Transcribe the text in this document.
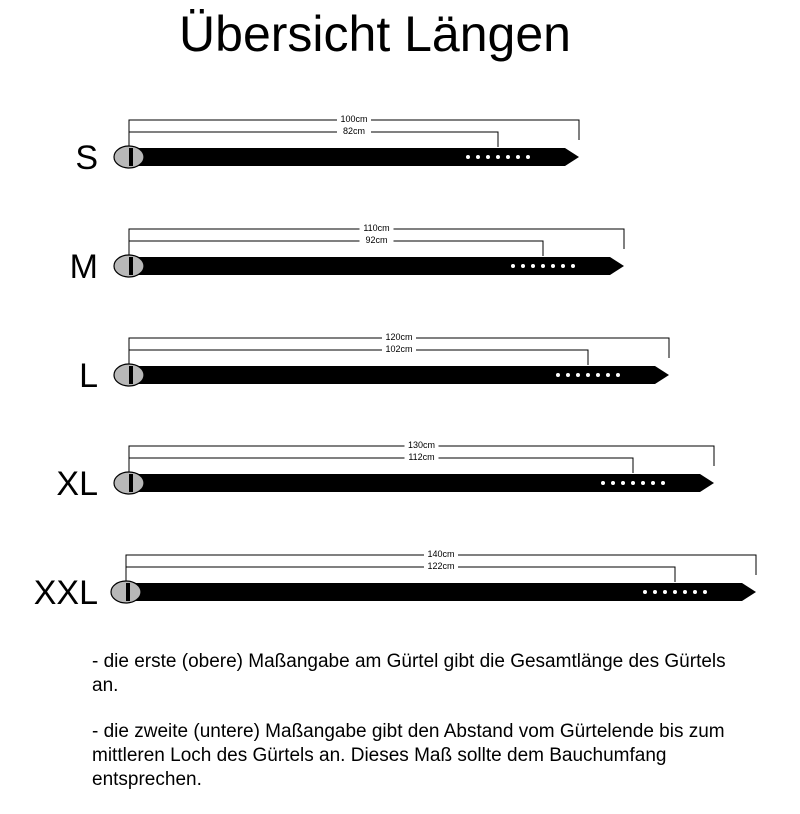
Übersicht Längen
S
100cm
82cm
M
110cm
92cm
L
120cm
102cm
XL
130cm
112cm
XXL
140cm
122cm

- die erste (obere) Maßangabe am Gürtel gibt die Gesamtlänge des Gürtels an.

- die zweite (untere) Maßangabe gibt den Abstand vom Gürtelende bis zum mittleren Loch des Gürtels an. Dieses Maß sollte dem Bauchumfang entsprechen.
